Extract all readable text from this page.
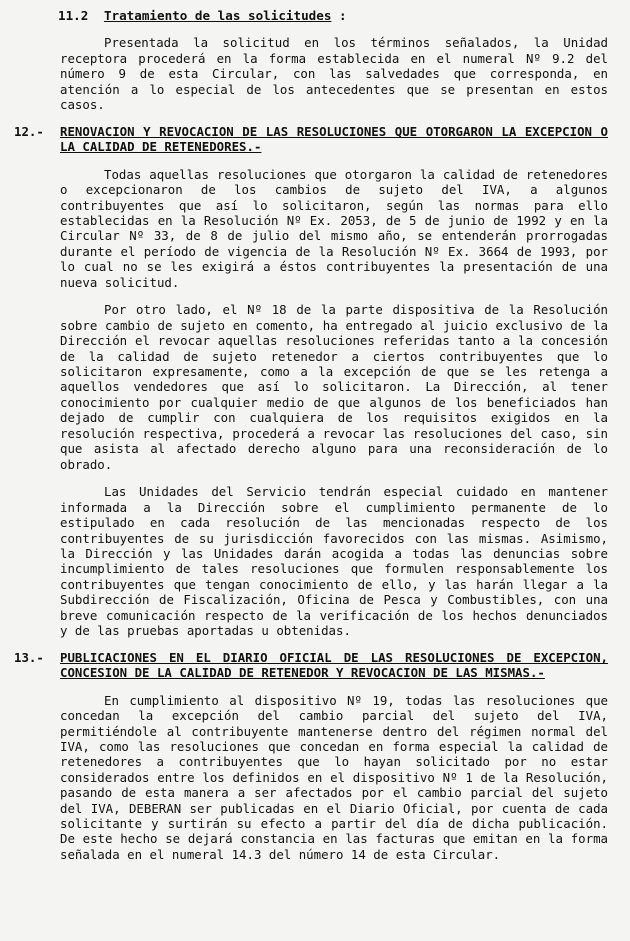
11.2 Tratamiento de las solicitudes :

Presentada la solicitud en los términos señalados, la Unidad receptora procederá en la forma establecida en el numeral Nº 9.2 del número 9 de esta Circular, con las salvedades que corresponda, en atención a lo especial de los antecedentes que se presentan en estos casos.

12.-	RENOVACION Y REVOCACION DE LAS RESOLUCIONES QUE OTORGARON LA EXCEPCION O LA CALIDAD DE RETENEDORES.-

Todas aquellas resoluciones que otorgaron la calidad de retenedores o excepcionaron de los cambios de sujeto del IVA, a algunos contribuyentes que así lo solicitaron, según las normas para ello establecidas en la Resolución Nº Ex. 2053, de 5 de junio de 1992 y en la Circular Nº 33, de 8 de julio del mismo año, se entenderán prorrogadas durante el período de vigencia de la Resolución Nº Ex. 3664 de 1993, por lo cual no se les exigirá a éstos contribuyentes la presentación de una nueva solicitud.

Por otro lado, el Nº 18 de la parte dispositiva de la Resolución sobre cambio de sujeto en comento, ha entregado al juicio exclusivo de la Dirección el revocar aquellas resoluciones referidas tanto a la concesión de la calidad de sujeto retenedor a ciertos contribuyentes que lo solicitaron expresamente, como a la excepción de que se les retenga a aquellos vendedores que así lo solicitaron. La Dirección, al tener conocimiento por cualquier medio de que algunos de los beneficiados han dejado de cumplir con cualquiera de los requisitos exigidos en la resolución respectiva, procederá a revocar las resoluciones del caso, sin que asista al afectado derecho alguno para una reconsideración de lo obrado.

Las Unidades del Servicio tendrán especial cuidado en mantener informada a la Dirección sobre el cumplimiento permanente de lo estipulado en cada resolución de las mencionadas respecto de los contribuyentes de su jurisdicción favorecidos con las mismas. Asimismo, la Dirección y las Unidades darán acogida a todas las denuncias sobre incumplimiento de tales resoluciones que formulen responsablemente los contribuyentes que tengan conocimiento de ello, y las harán llegar a la Subdirección de Fiscalización, Oficina de Pesca y Combustibles, con una breve comunicación respecto de la verificación de los hechos denunciados y de las pruebas aportadas u obtenidas.

13.-	PUBLICACIONES EN EL DIARIO OFICIAL DE LAS RESOLUCIONES DE EXCEPCION, CONCESION DE LA CALIDAD DE RETENEDOR Y REVOCACION DE LAS MISMAS.-

En cumplimiento al dispositivo Nº 19, todas las resoluciones que concedan la excepción del cambio parcial del sujeto del IVA, permitiéndole al contribuyente mantenerse dentro del régimen normal del IVA, como las resoluciones que concedan en forma especial la calidad de retenedores a contribuyentes que lo hayan solicitado por no estar considerados entre los definidos en el dispositivo Nº 1 de la Resolución, pasando de esta manera a ser afectados por el cambio parcial del sujeto del IVA, DEBERAN ser publicadas en el Diario Oficial, por cuenta de cada solicitante y surtirán su efecto a partir del día de dicha publicación. De este hecho se dejará constancia en las facturas que emitan en la forma señalada en el numeral 14.3 del número 14 de esta Circular.
